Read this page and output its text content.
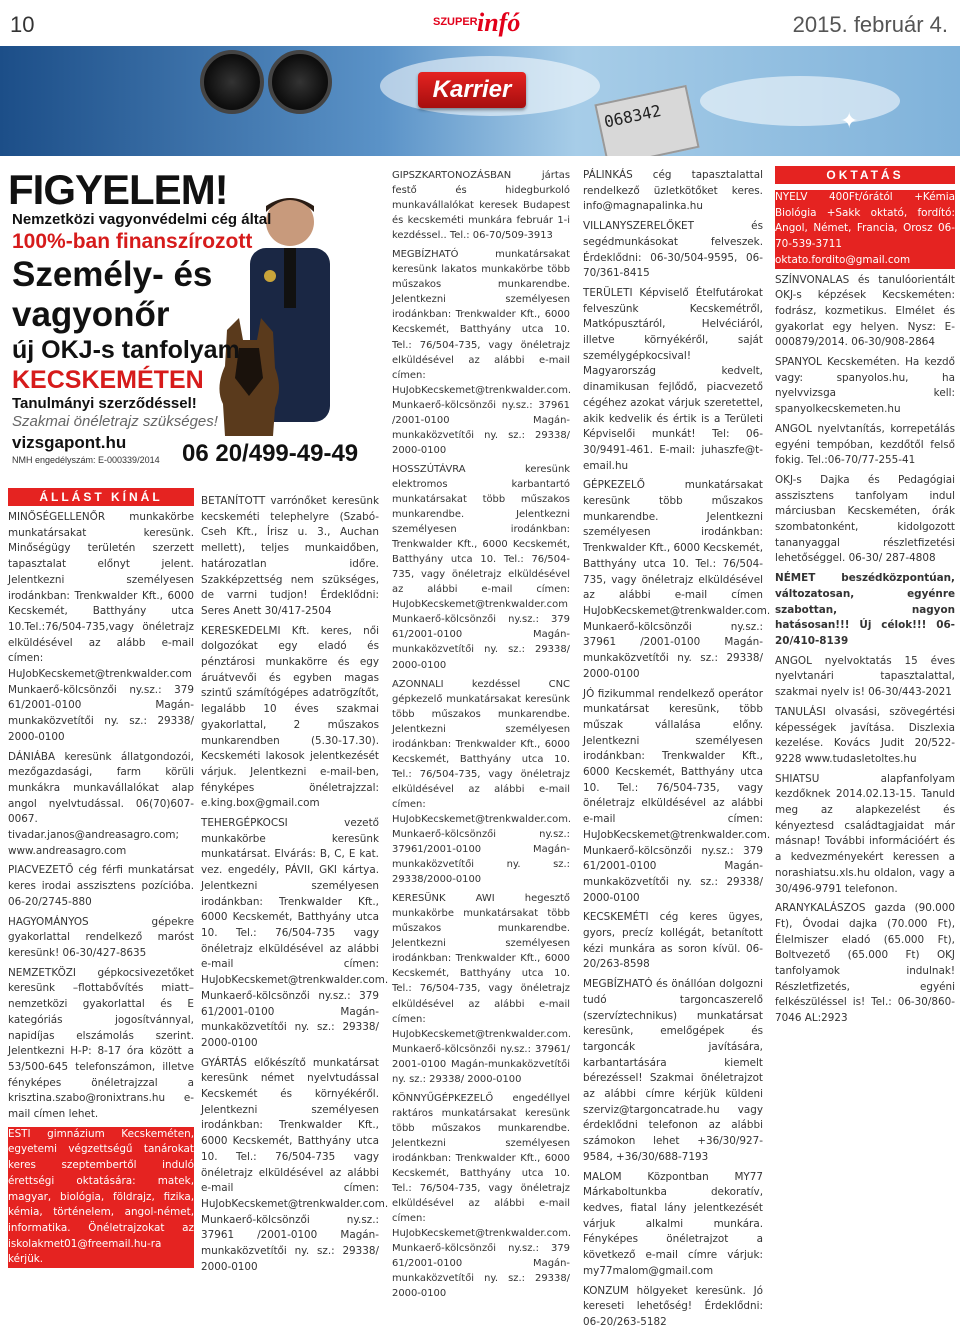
10	SZUPER infó	2015. február 4.
068342	✦
Karrier
FIGYELEM!
Nemzetközi vagyonvédelmi cég által
100%-ban finanszírozott
Személy- és
vagyonőr
új OKJ-s tanfolyam
KECSKEMÉTEN
Tanulmányi szerződéssel!
Szakmai önéletrajz szükséges!
vizsgapont.hu
NMH engedélyszám: E-000339/2014 06 20/499-49-49
ÁLLÁST KÍNÁL
OKTATÁS

MINŐSÉGELLENŐR munkakörbe munkatársakat keresünk. Minőségügy területén szerzett tapasztalat előnyt jelent. Jelentkezni személyesen irodánkban: Trenkwalder Kft., 6000 Kecskemét, Batthyány utca 10.Tel.:76/504-735,vagy önéletrajz elküldésével az alább e-mail címen: HuJobKecskemet@trenkwalder.com Munkaerő-kölcsönzői ny.sz.: 379 61/2001-0100 Magán-munkaközvetítői ny. sz.: 29338/ 2000-0100

DÁNIÁBA keresünk állatgondozói, mezőgazdasági, farm körüli munkákra munkavállalókat alap angol nyelvtudással. 06(70)607-0067. tivadar.janos@andreasagro.com; www.andreasagro.com

PIACVEZETŐ cég férfi munkatársat keres irodai asszisztens pozícióba. 06-20/2745-880

HAGYOMÁNYOS gépekre gyakorlattal rendelkező maróst keresünk! 06-30/427-8635

NEMZETKÖZI gépkocsivezetőket keresünk –flottabővítés miatt– nemzetközi gyakorlattal és E kategóriás jogosítvánnyal, napidíjas elszámolás szerint. Jelentkezni H-P: 8-17 óra között a 53/500-645 telefonszámon, illetve fényképes önéletrajzzal a krisztina.szabo@ronixtrans.hu e-mail címen lehet.

ESTI gimnázium Kecskeméten, egyetemi végzettségű tanárokat keres szeptembertől induló érettségi oktatására: matek, magyar, biológia, földrajz, fizika, kémia, történelem, angol-német, informatika. Önéletrajzokat az iskolakmet01@freemail.hu-ra kérjük.

BETANÍTOTT varrónőket keresünk kecskeméti telephelyre (Szabó-Cseh Kft., Írisz u. 3., Auchan mellett), teljes munkaidőben, határozatlan időre. Szakképzettség nem szükséges, de varrni tudjon! Érdeklődni: Seres Anett 30/417-2504

KERESKEDELMI Kft. keres, női dolgozókat egy eladó és pénztárosi munkakörre és egy áruátvevői és egyben magas szintű számítógépes adatrögzítőt, legalább 10 éves szakmai gyakorlattal, 2 műszakos munkarendben (5.30-17.30). Kecskeméti lakosok jelentkezését várjuk. Jelentkezni e-mail-ben, fényképes önéletrajzzal: e.king.box@gmail.com

TEHERGÉPKOCSI vezető munkakörbe keresünk munkatársat. Elvárás: B, C, E kat. vez. engedély, PÁVII, GKI kártya. Jelentkezni személyesen irodánkban: Trenkwalder Kft., 6000 Kecskemét, Batthyány utca 10. Tel.: 76/504-735 vagy önéletrajz elküldésével az alábbi e-mail címen: HuJobKecskemet@trenkwalder.com. Munkaerő-kölcsönzői ny.sz.: 379 61/2001-0100 Magán-munkaközvetítői ny. sz.: 29338/ 2000-0100

GYÁRTÁS előkészítő munkatársat keresünk német nyelvtudással Kecskemét és környékéről. Jelentkezni személyesen irodánkban: Trenkwalder Kft., 6000 Kecskemét, Batthyány utca 10. Tel.: 76/504-735 vagy önéletrajz elküldésével az alábbi e-mail címen: HuJobKecskemet@trenkwalder.com. Munkaerő-kölcsönzői ny.sz.: 37961 /2001-0100 Magán-munkaközvetítői ny. sz.: 29338/ 2000-0100

GIPSZKARTONOZÁSBAN jártas festő és hidegburkoló munkavállalókat keresek Budapest és kecskeméti munkára február 1-i kezdéssel.. Tel.: 06-70/509-3913

MEGBÍZHATÓ munkatársakat keresünk lakatos munkakörbe több műszakos munkarendbe. Jelentkezni személyesen irodánkban: Trenkwalder Kft., 6000 Kecskemét, Batthyány utca 10. Tel.: 76/504-735, vagy önéletrajz elküldésével az alábbi e-mail címen: HuJobKecskemet@trenkwalder.com. Munkaerő-kölcsönzői ny.sz.: 37961 /2001-0100 Magán-munkaközvetítői ny. sz.: 29338/ 2000-0100

HOSSZÚTÁVRA keresünk elektromos karbantartó munkatársakat több műszakos munkarendbe. Jelentkezni személyesen irodánkban: Trenkwalder Kft., 6000 Kecskemét, Batthyány utca 10. Tel.: 76/504-735, vagy önéletrajz elküldésével az alábbi e-mail címen: HuJobKecskemet@trenkwalder.com Munkaerő-kölcsönzői ny.sz.: 379 61/2001-0100 Magán-munkaközvetítői ny. sz.: 29338/ 2000-0100

AZONNALI kezdéssel CNC gépkezelő munkatársakat keresünk több műszakos munkarendbe. Jelentkezni személyesen irodánkban: Trenkwalder Kft., 6000 Kecskemét, Batthyány utca 10. Tel.: 76/504-735, vagy önéletrajz elküldésével az alábbi e-mail címen: HuJobKecskemet@trenkwalder.com. Munkaerő-kölcsönzői ny.sz.: 37961/2001-0100 Magán-munkaközvetítői ny. sz.: 29338/2000-0100

KERESÜNK AWI hegesztő munkakörbe munkatársakat több műszakos munkarendbe. Jelentkezni személyesen irodánkban: Trenkwalder Kft., 6000 Kecskemét, Batthyány utca 10. Tel.: 76/504-735, vagy önéletrajz elküldésével az alábbi e-mail címen: HuJobKecskemet@trenkwalder.com. Munkaerő-kölcsönzői ny.sz.: 37961/ 2001-0100 Magán-munkaközvetítői ny. sz.: 29338/ 2000-0100

KÖNNYŰGÉPKEZELŐ engedéllyel raktáros munkatársakat keresünk több műszakos munkarendbe. Jelentkezni személyesen irodánkban: Trenkwalder Kft., 6000 Kecskemét, Batthyány utca 10. Tel.: 76/504-735, vagy önéletrajz elküldésével az alábbi e-mail címen: HuJobKecskemet@trenkwalder.com. Munkaerő-kölcsönzői ny.sz.: 379 61/2001-0100 Magán-munkaközvetítői ny. sz.: 29338/ 2000-0100

PÁLINKÁS cég tapasztalattal rendelkező üzletkötőket keres. info@magnapalinka.hu

VILLANYSZERELŐKET és segédmunkásokat felveszek. Érdeklődni: 06-30/504-9595, 06-70/361-8415

TERÜLETI Képviselő Ételfutárokat felveszünk Kecskemétről, Matkópusztáról, Helvéciáról, illetve környékéről, saját személygépkocsival! Magyarország kedvelt, dinamikusan fejlődő, piacvezető cégéhez azokat várjuk szeretettel, akik kedvelik és értik is a Területi Képviselői munkát! Tel: 06-30/9491-461. E-mail: juhaszfe@t-email.hu

GÉPKEZELŐ munkatársakat keresünk több műszakos munkarendbe. Jelentkezni személyesen irodánkban: Trenkwalder Kft., 6000 Kecskemét, Batthyány utca 10. Tel.: 76/504-735, vagy önéletrajz elküldésével az alábbi e-mail címen HuJobKecskemet@trenkwalder.com. Munkaerő-kölcsönzői ny.sz.: 37961 /2001-0100 Magán-munkaközvetítői ny. sz.: 29338/ 2000-0100

JÓ fizikummal rendelkező operátor munkatársat keresünk, több műszak vállalása előny. Jelentkezni személyesen irodánkban: Trenkwalder Kft., 6000 Kecskemét, Batthyány utca 10. Tel.: 76/504-735, vagy önéletrajz elküldésével az alábbi e-mail címen: HuJobKecskemet@trenkwalder.com. Munkaerő-kölcsönzői ny.sz.: 379 61/2001-0100 Magán-munkaközvetítői ny. sz.: 29338/ 2000-0100

KECSKEMÉTI cég keres ügyes, gyors, precíz kollégát, betanított kézi munkára as soron kívül. 06-20/263-8598

MEGBÍZHATÓ és önállóan dolgozni tudó targoncaszerelő (szervíztechnikus) munkatársat keresünk, emelőgépek és targoncák javítására, karbantartására kiemelt bérezéssel! Szakmai önéletrajzot az alábbi címre kérjük küldeni szerviz@targoncatrade.hu vagy érdeklődni telefonon az alábbi számokon lehet +36/30/927-9584, +36/30/688-7193

MALOM Központban MY77 Márkaboltunkba dekoratív, kedves, fiatal lány jelentkezését várjuk alkalmi munkára. Fényképes önéletrajzot a következő e-mail címre várjuk: my77malom@gmail.com

KONZUM hölgyeket keresünk. Jó kereseti lehetőség! Érdeklődni: 06-20/263-5182

NYELV 400Ft/órától +Kémia Biológia +Sakk oktató, fordító: Angol, Német, Francia, Orosz 06-70-539-3711 oktato.fordito@gmail.com

SZÍNVONALAS és tanulóorientált OKJ-s képzések Kecskeméten: fodrász, kozmetikus. Elmélet és gyakorlat egy helyen. Nysz: E-000879/2014. 06-30/908-2864

SPANYOL Kecskeméten. Ha kezdő vagy: spanyolos.hu, ha nyelvvizsga kell: spanyolkecskemeten.hu

ANGOL nyelvtanítás, korrepetálás egyéni tempóban, kezdőtől felső fokig. Tel.:06-70/77-255-41

OKJ-s Dajka és Pedagógiai asszisztens tanfolyam indul márciusban Kecskeméten, órák szombatonként, kidolgozott tananyaggal részletfizetési lehetőséggel. 06-30/ 287-4808

NÉMET beszédközpontúan, változatosan, egyénre szabottan, nagyon hatásosan!!! Új célok!!! 06-20/410-8139

ANGOL nyelvoktatás 15 éves nyelvtanári tapasztalattal, szakmai nyelv is! 06-30/443-2021

TANULÁSI olvasási, szövegértési képességek javítása. Diszlexia kezelése. Kovács Judit 20/522-9228 www.tudasletoltes.hu

SHIATSU alapfanfolyam kezdőknek 2014.02.13-15. Tanuld meg az alapkezelést és kényeztesd családtagjaidat már másnap! További információért és a kedvezményekért keressen a norashiatsu.xls.hu oldalon, vagy a 30/496-9791 telefonon.

ARANYKALÁSZOS gazda (90.000 Ft), Óvodai dajka (70.000 Ft), Élelmiszer eladó (65.000 Ft), Boltvezető (65.000 Ft) OKJ tanfolyamok indulnak! Részletfizetés, egyéni felkészüléssel is! Tel.: 06-30/860-7046 AL:2923
